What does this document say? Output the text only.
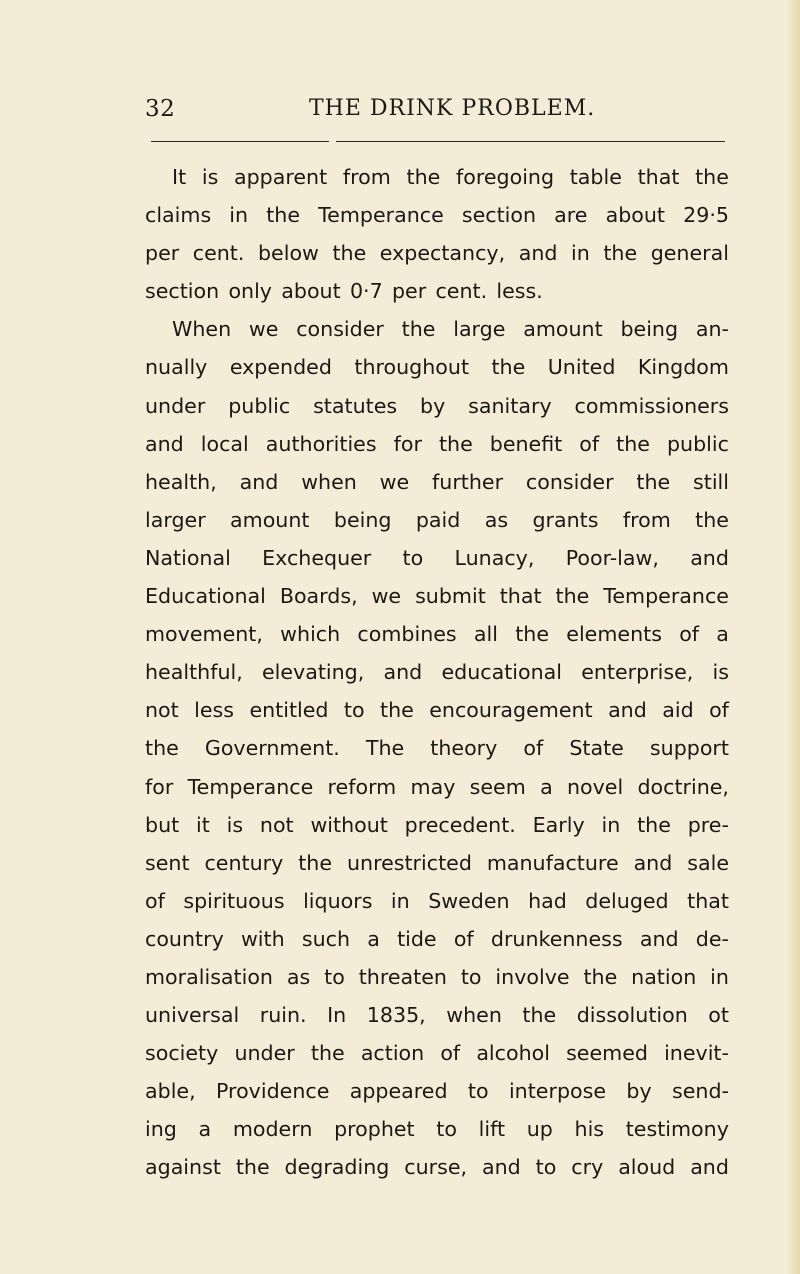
32	THE DRINK PROBLEM.
It is apparent from the foregoing table that the
claims in the Temperance section are about 29·5
per cent. below the expectancy, and in the general
section only about 0·7 per cent. less.
When we consider the large amount being an-
nually expended throughout the United Kingdom
under public statutes by sanitary commissioners
and local authorities for the benefit of the public
health, and when we further consider the still
larger amount being paid as grants from the
National Exchequer to Lunacy, Poor-law, and
Educational Boards, we submit that the Temperance
movement, which combines all the elements of a
healthful, elevating, and educational enterprise, is
not less entitled to the encouragement and aid of
the Government. The theory of State support
for Temperance reform may seem a novel doctrine,
but it is not without precedent. Early in the pre-
sent century the unrestricted manufacture and sale
of spirituous liquors in Sweden had deluged that
country with such a tide of drunkenness and de-
moralisation as to threaten to involve the nation in
universal ruin. In 1835, when the dissolution ot
society under the action of alcohol seemed inevit-
able, Providence appeared to interpose by send-
ing a modern prophet to lift up his testimony
against the degrading curse, and to cry aloud and
